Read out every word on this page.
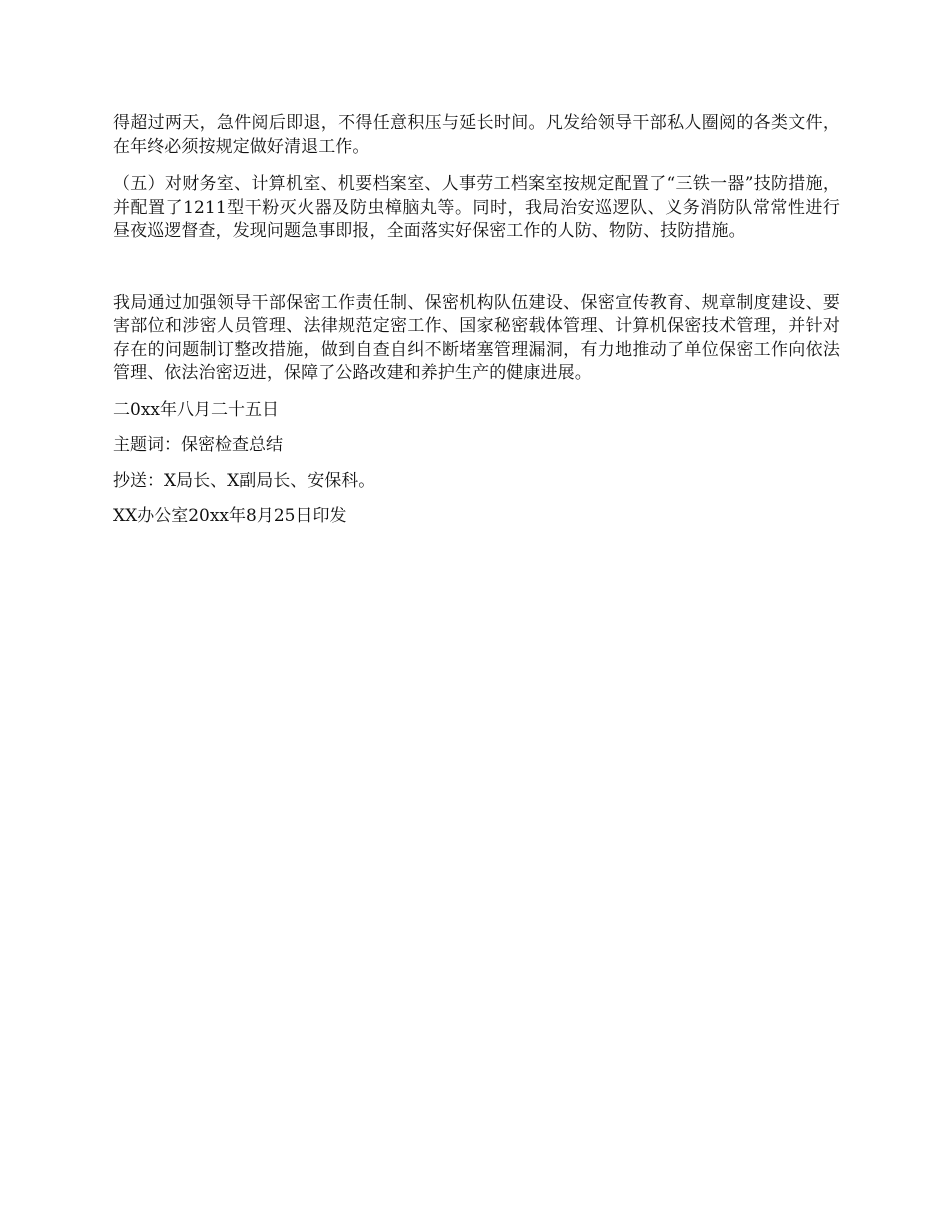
得超过两天，急件阅后即退，不得任意积压与延长时间。凡发给领导干部私人圈阅的各类文件，在年终必须按规定做好清退工作。

（五）对财务室、计算机室、机要档案室、人事劳工档案室按规定配置了“三铁一器”技防措施，并配置了1211型干粉灭火器及防虫樟脑丸等。同时，我局治安巡逻队、义务消防队常常性进行昼夜巡逻督查，发现问题急事即报，全面落实好保密工作的人防、物防、技防措施。

我局通过加强领导干部保密工作责任制、保密机构队伍建设、保密宣传教育、规章制度建设、要害部位和涉密人员管理、法律规范定密工作、国家秘密载体管理、计算机保密技术管理，并针对存在的问题制订整改措施，做到自查自纠不断堵塞管理漏洞，有力地推动了单位保密工作向依法管理、依法治密迈进，保障了公路改建和养护生产的健康进展。

二0xx年八月二十五日

主题词：保密检查总结

抄送：X局长、X副局长、安保科。

XX办公室20xx年8月25日印发
